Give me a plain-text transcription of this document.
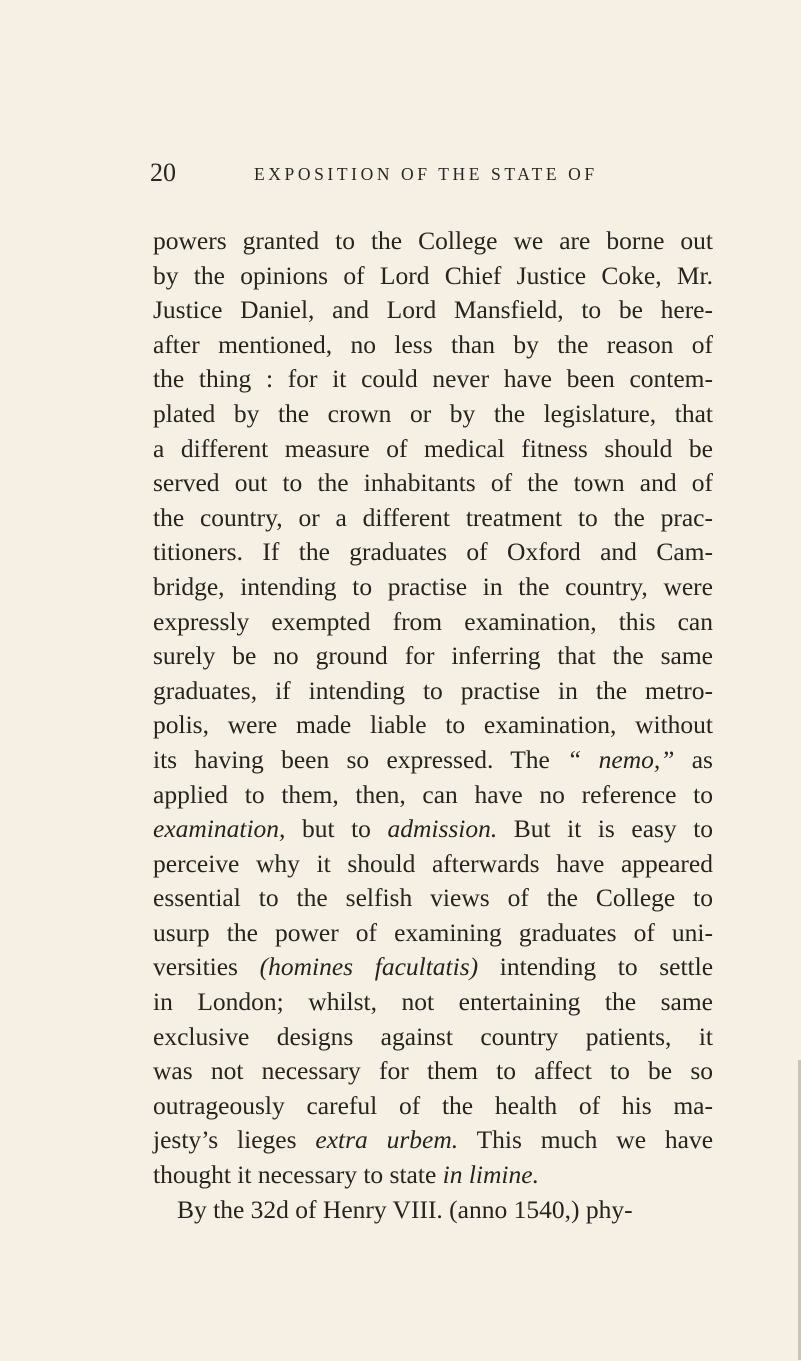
20	EXPOSITION OF THE STATE OF
powers granted to the College we are borne out
by the opinions of Lord Chief Justice Coke, Mr.
Justice Daniel, and Lord Mansfield, to be here-
after mentioned, no less than by the reason of
the thing : for it could never have been contem-
plated by the crown or by the legislature, that
a different measure of medical fitness should be
served out to the inhabitants of the town and of
the country, or a different treatment to the prac-
titioners. If the graduates of Oxford and Cam-
bridge, intending to practise in the country, were
expressly exempted from examination, this can
surely be no ground for inferring that the same
graduates, if intending to practise in the metro-
polis, were made liable to examination, without
its having been so expressed. The “ nemo,” as
applied to them, then, can have no reference to
examination, but to admission. But it is easy to
perceive why it should afterwards have appeared
essential to the selfish views of the College to
usurp the power of examining graduates of uni-
versities (homines facultatis) intending to settle
in London; whilst, not entertaining the same
exclusive designs against country patients, it
was not necessary for them to affect to be so
outrageously careful of the health of his ma-
jesty’s lieges extra urbem. This much we have
thought it necessary to state in limine.
By the 32d of Henry VIII. (anno 1540,) phy-
